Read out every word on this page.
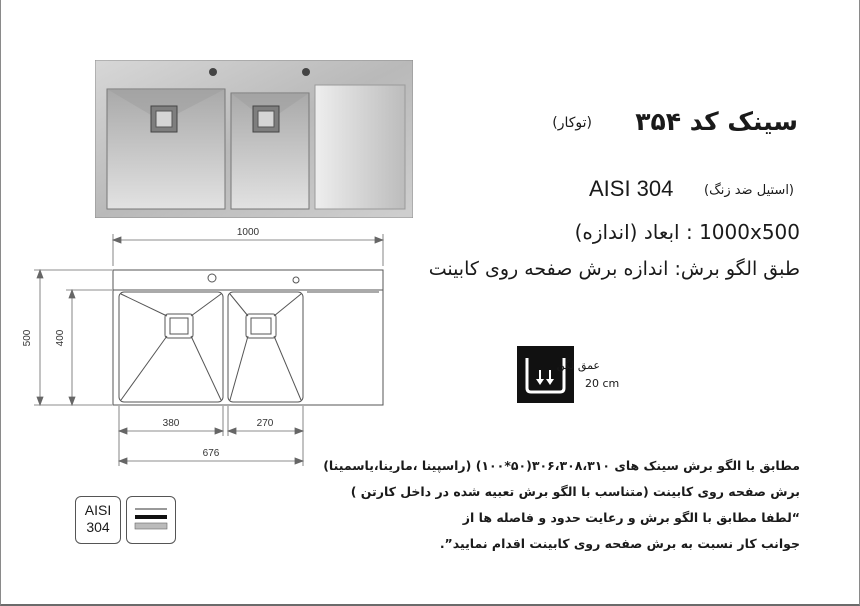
1000
500 400
380	270
676
سینک کد ۳۵۴
(توکار)
AISI 304 (استیل ضد زنگ)
1000x500 : ابعاد (اندازه)
طبق الگو برش: اندازه برش صفحه روی کابینت
عمق لگن
20 cm
مطابق با الگو برش سینک های ۳۰۶،۳۰۸،۳۱۰(۵۰*۱۰۰) (راسپینا ،مارینا،یاسمینا)
برش صفحه روی کابینت (متناسب با الگو برش تعبیه شده در داخل کارتن )
“لطفا مطابق با الگو برش و رعایت حدود و فاصله ها از
جوانب کار نسبت به برش صفحه روی کابینت اقدام نمایید”.
AISI
304
